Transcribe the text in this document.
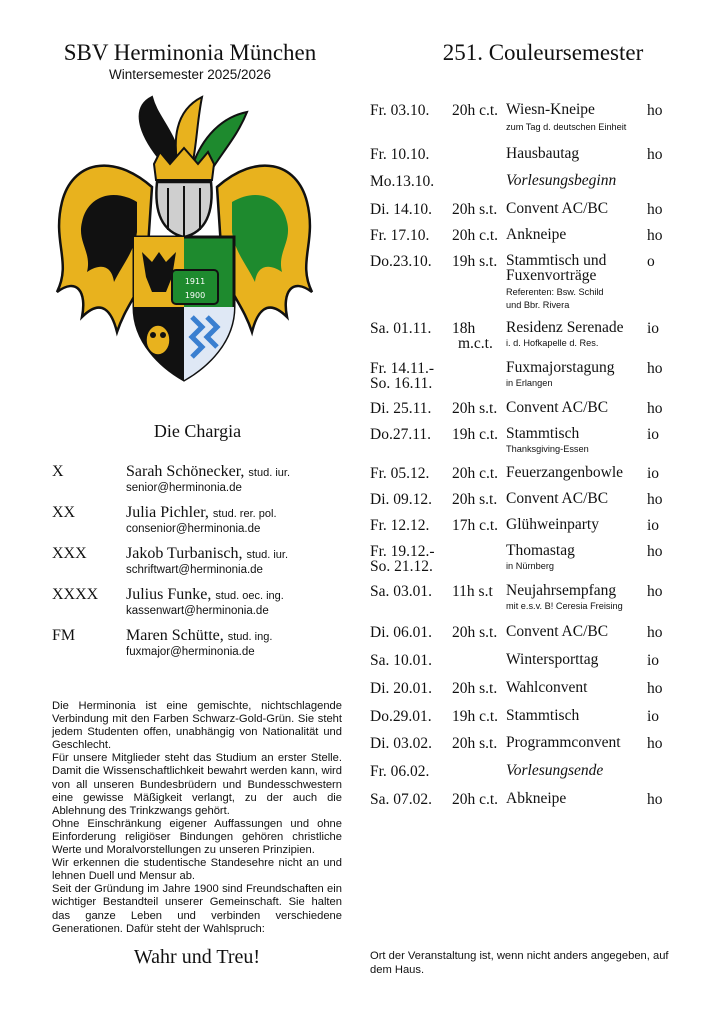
SBV Herminonia München
Wintersemester 2025/2026
251. Couleursemester
1911
1900
Die Chargia
X	Sarah Schönecker, stud. iur.
senior@herminonia.de
XX	Julia Pichler, stud. rer. pol.
consenior@herminonia.de
XXX Jakob Turbanisch, stud. iur.
schriftwart@herminonia.de
XXXX Julius Funke, stud. oec. ing.
kassenwart@herminonia.de
FM	Maren Schütte, stud. ing.
fuxmajor@herminonia.de

Die Herminonia ist eine gemischte, nichtschlagende Verbindung mit den Farben Schwarz-Gold-Grün. Sie steht jedem Studenten offen, unabhängig von Nationalität und Geschlecht.

Für unsere Mitglieder steht das Studium an erster Stelle. Damit die Wissenschaftlichkeit bewahrt werden kann, wird von all unseren Bundesbrüdern und Bundesschwestern eine gewisse Mäßigkeit verlangt, zu der auch die Ablehnung des Trinkzwangs gehört.

Ohne Einschränkung eigener Auffassungen und ohne Einforderung religiöser Bindungen gehören christliche Werte und Moralvorstellungen zu unseren Prinzipien.

Wir erkennen die studentische Standesehre nicht an und lehnen Duell und Mensur ab.

Seit der Gründung im Jahre 1900 sind Freundschaften ein wichtiger Bestandteil unserer Gemeinschaft. Sie halten das ganze Leben und verbinden verschiedene Generationen. Dafür steht der Wahlspruch:

Wahr und Treu!
Fr. 03.10. 20h c.t. Wiesn-Kneipe
zum Tag d. deutschen Einheit
ho
Fr. 10.10.	Hausbautag	ho
Mo.13.10.	Vorlesungsbeginn
Di. 14.10. 20h s.t. Convent AC/BC	ho
Fr. 17.10. 20h c.t. Ankneipe	ho
Do.23.10. 19h s.t. Stammtisch und
Fuxenvorträge
Referenten: Bsw. Schild
und Bbr. Rivera
o
Sa. 01.11. 18h
m.c.t.
Residenz Serenade
i. d. Hofkapelle d. Res.
io
Fr. 14.11.-
So. 16.11.
Fuxmajorstagung
in Erlangen
ho
Di. 25.11. 20h s.t. Convent AC/BC	ho
Do.27.11. 19h c.t. Stammtisch
Thanksgiving-Essen
io
Fr. 05.12. 20h c.t. Feuerzangenbowle io
Di. 09.12. 20h s.t. Convent AC/BC	ho
Fr. 12.12. 17h c.t. Glühweinparty	io
Fr. 19.12.-
So. 21.12.
Thomastag
in Nürnberg
ho
Sa. 03.01. 11h s.t Neujahrsempfang
mit e.s.v. B! Ceresia Freising
ho
Di. 06.01. 20h s.t. Convent AC/BC	ho
Sa. 10.01.	Wintersporttag	io
Di. 20.01. 20h s.t. Wahlconvent	ho
Do.29.01. 19h c.t. Stammtisch	io
Di. 03.02. 20h s.t. Programmconvent ho
Fr. 06.02.	Vorlesungsende
Sa. 07.02. 20h c.t. Abkneipe	ho
Ort der Veranstaltung ist, wenn nicht anders angegeben, auf dem Haus.
